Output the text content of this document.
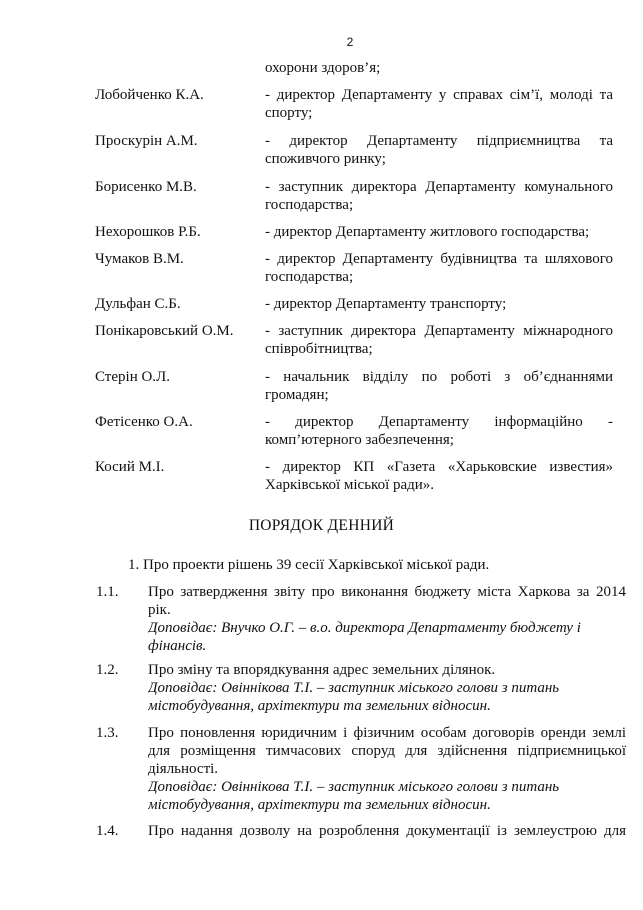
2
охорони здоров’я;
Лобойченко К.А.	- директор Департаменту у справах сім’ї, молоді та спорту;
Проскурін А.М.	- директор Департаменту підприємництва та споживчого ринку;
Борисенко М.В.	- заступник директора Департаменту комунального господарства;
Нехорошков Р.Б.	- директор Департаменту житлового господарства;
Чумаков В.М.	- директор Департаменту будівництва та шляхового господарства;
Дульфан С.Б.	- директор Департаменту транспорту;
Понікаровський О.М. - заступник директора Департаменту міжнародного співробітництва;
Стерін О.Л.	- начальник відділу по роботі з об’єднаннями громадян;
Фетісенко О.А.	- директор Департаменту інформаційно - комп’ютерного забезпечення;
Косий М.І.	- директор КП «Газета «Харьковские известия» Харківської міської ради».
ПОРЯДОК ДЕННИЙ
1. Про проекти рішень 39 сесії Харківської міської ради.
1.1. Про затвердження звіту про виконання бюджету міста Харкова за 2014 рік.
Доповідає: Внучко О.Г. – в.о. директора Департаменту бюджету і
фінансів.
1.2. Про зміну та впорядкування адрес земельних ділянок.
Доповідає: Овіннікова Т.І. – заступник міського голови з питань
містобудування, архітектури та земельних відносин.
1.3. Про поновлення юридичним і фізичним особам договорів оренди землі для розміщення тимчасових споруд для здійснення підприємницької діяльності.
Доповідає: Овіннікова Т.І. – заступник міського голови з питань
містобудування, архітектури та земельних відносин.
1.4. Про надання дозволу на розроблення документації із землеустрою для
